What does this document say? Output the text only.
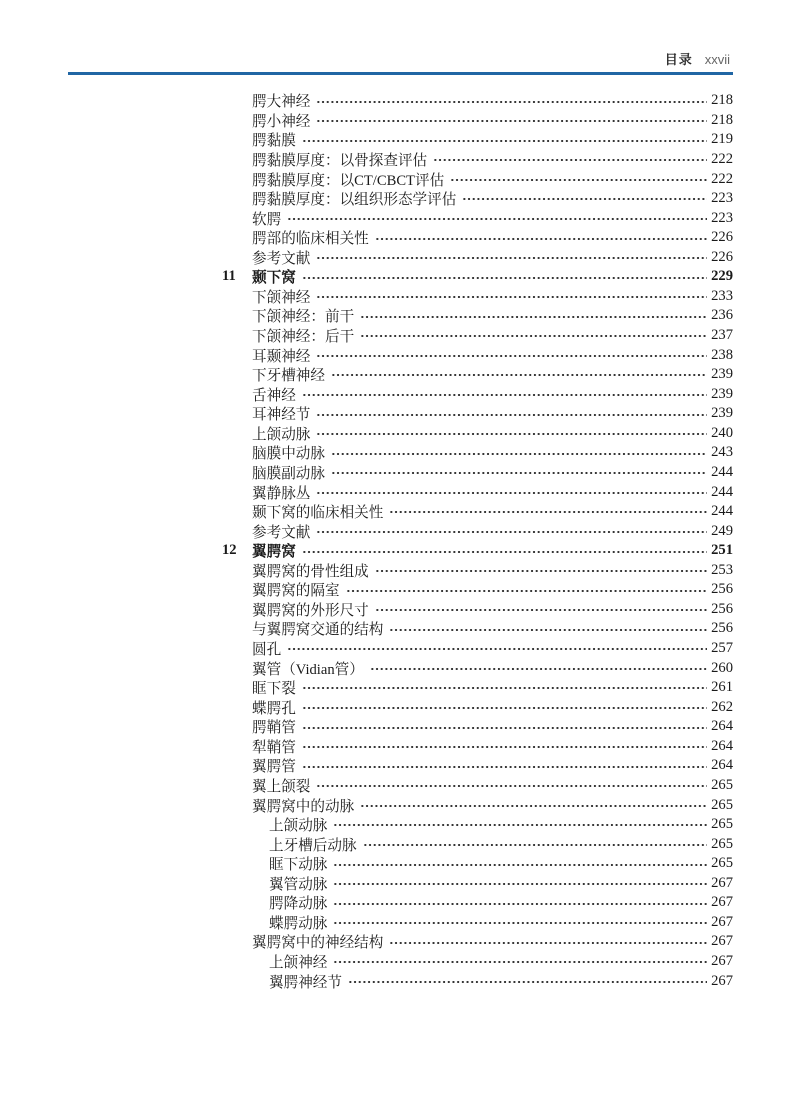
目录 xxvii
腭大神经	218
腭小神经	218
腭黏膜	219
腭黏膜厚度：以骨探查评估	222
腭黏膜厚度：以CT/CBCT评估	222
腭黏膜厚度：以组织形态学评估	223
软腭	223
腭部的临床相关性	226
参考文献	226
11	颞下窝	229
下颌神经	233
下颌神经：前干	236
下颌神经：后干	237
耳颞神经	238
下牙槽神经	239
舌神经	239
耳神经节	239
上颌动脉	240
脑膜中动脉	243
脑膜副动脉	244
翼静脉丛	244
颞下窝的临床相关性	244
参考文献	249
12	翼腭窝	251
翼腭窝的骨性组成	253
翼腭窝的隔室	256
翼腭窝的外形尺寸	256
与翼腭窝交通的结构	256
圆孔	257
翼管（Vidian管）	260
眶下裂	261
蝶腭孔	262
腭鞘管	264
犁鞘管	264
翼腭管	264
翼上颌裂	265
翼腭窝中的动脉	265
上颌动脉	265
上牙槽后动脉	265
眶下动脉	265
翼管动脉	267
腭降动脉	267
蝶腭动脉	267
翼腭窝中的神经结构	267
上颌神经	267
翼腭神经节	267
